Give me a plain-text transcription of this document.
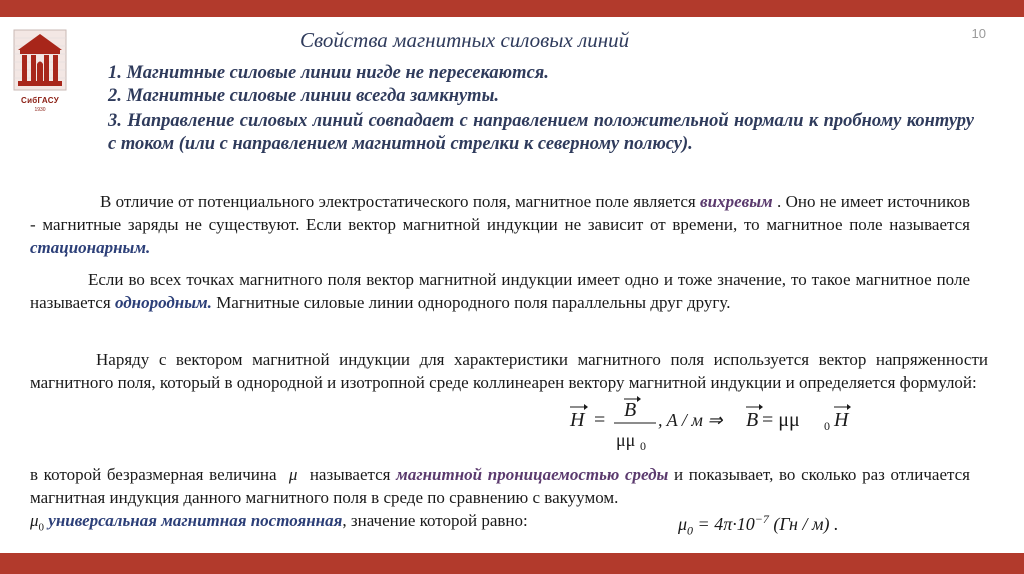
СибГАСУ
1930
10
Свойства магнитных силовых линий
1. Магнитные силовые линии нигде не пересекаются.
2. Магнитные силовые линии всегда замкнуты.
3. Направление силовых линий совпадает с направлением положительной нормали к пробному контуру с током (или с направлением магнитной стрелки к северному полюсу).
В отличие от потенциального электростатического поля, магнитное поле является вихревым . Оно не имеет источников - магнитные заряды не существуют. Если вектор магнитной индукции не зависит от времени, то магнитное поле называется стационарным.
Если во всех точках магнитного поля вектор магнитной индукции имеет одно и тоже значение, то такое магнитное поле называется однородным. Магнитные силовые линии однородного поля параллельны друг другу.
Наряду с вектором магнитной индукции для характеристики магнитного поля используется вектор напряженности магнитного поля, который в однородной и изотропной среде коллинеарен вектору магнитной индукции и определяется формулой:
H = B
μμ 0
, A / м ⇒ B = μμ 0 H
в которой безразмерная величина μ называется магнитной проницаемостью среды и показывает, во сколько раз отличается магнитная индукция данного магнитного поля в среде по сравнению с вакуумом.
$\mu_0$ универсальная магнитная постоянная, значение которой равно:	$\mu_0 = 4\pi\cdot 10^{-7}$ (Гн / м) .
